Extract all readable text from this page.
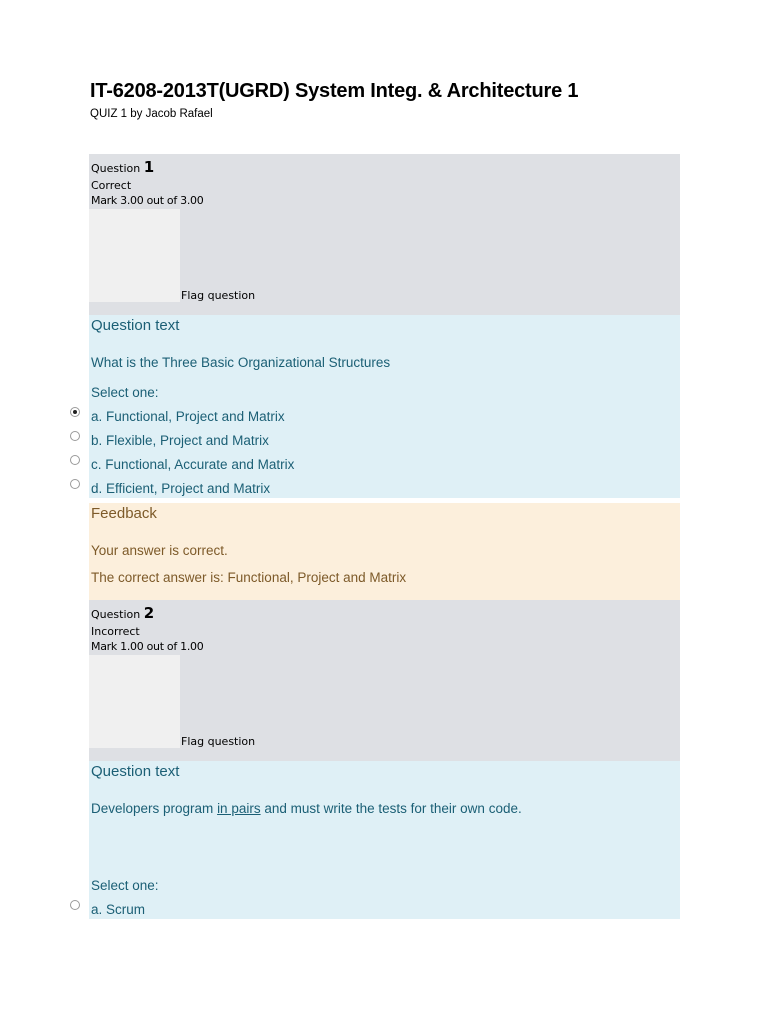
IT-6208-2013T(UGRD) System Integ. & Architecture 1
QUIZ 1 by Jacob Rafael
Question 1
Correct
Mark 3.00 out of 3.00
Flag question
Question text
What is the Three Basic Organizational Structures
Select one:
a. Functional, Project and Matrix
b. Flexible, Project and Matrix
c. Functional, Accurate and Matrix
d. Efficient, Project and Matrix
Feedback
Your answer is correct.
The correct answer is: Functional, Project and Matrix
Question 2
Incorrect
Mark 1.00 out of 1.00
Flag question
Question text
Developers program in pairs and must write the tests for their own code.
Select one:
a. Scrum
